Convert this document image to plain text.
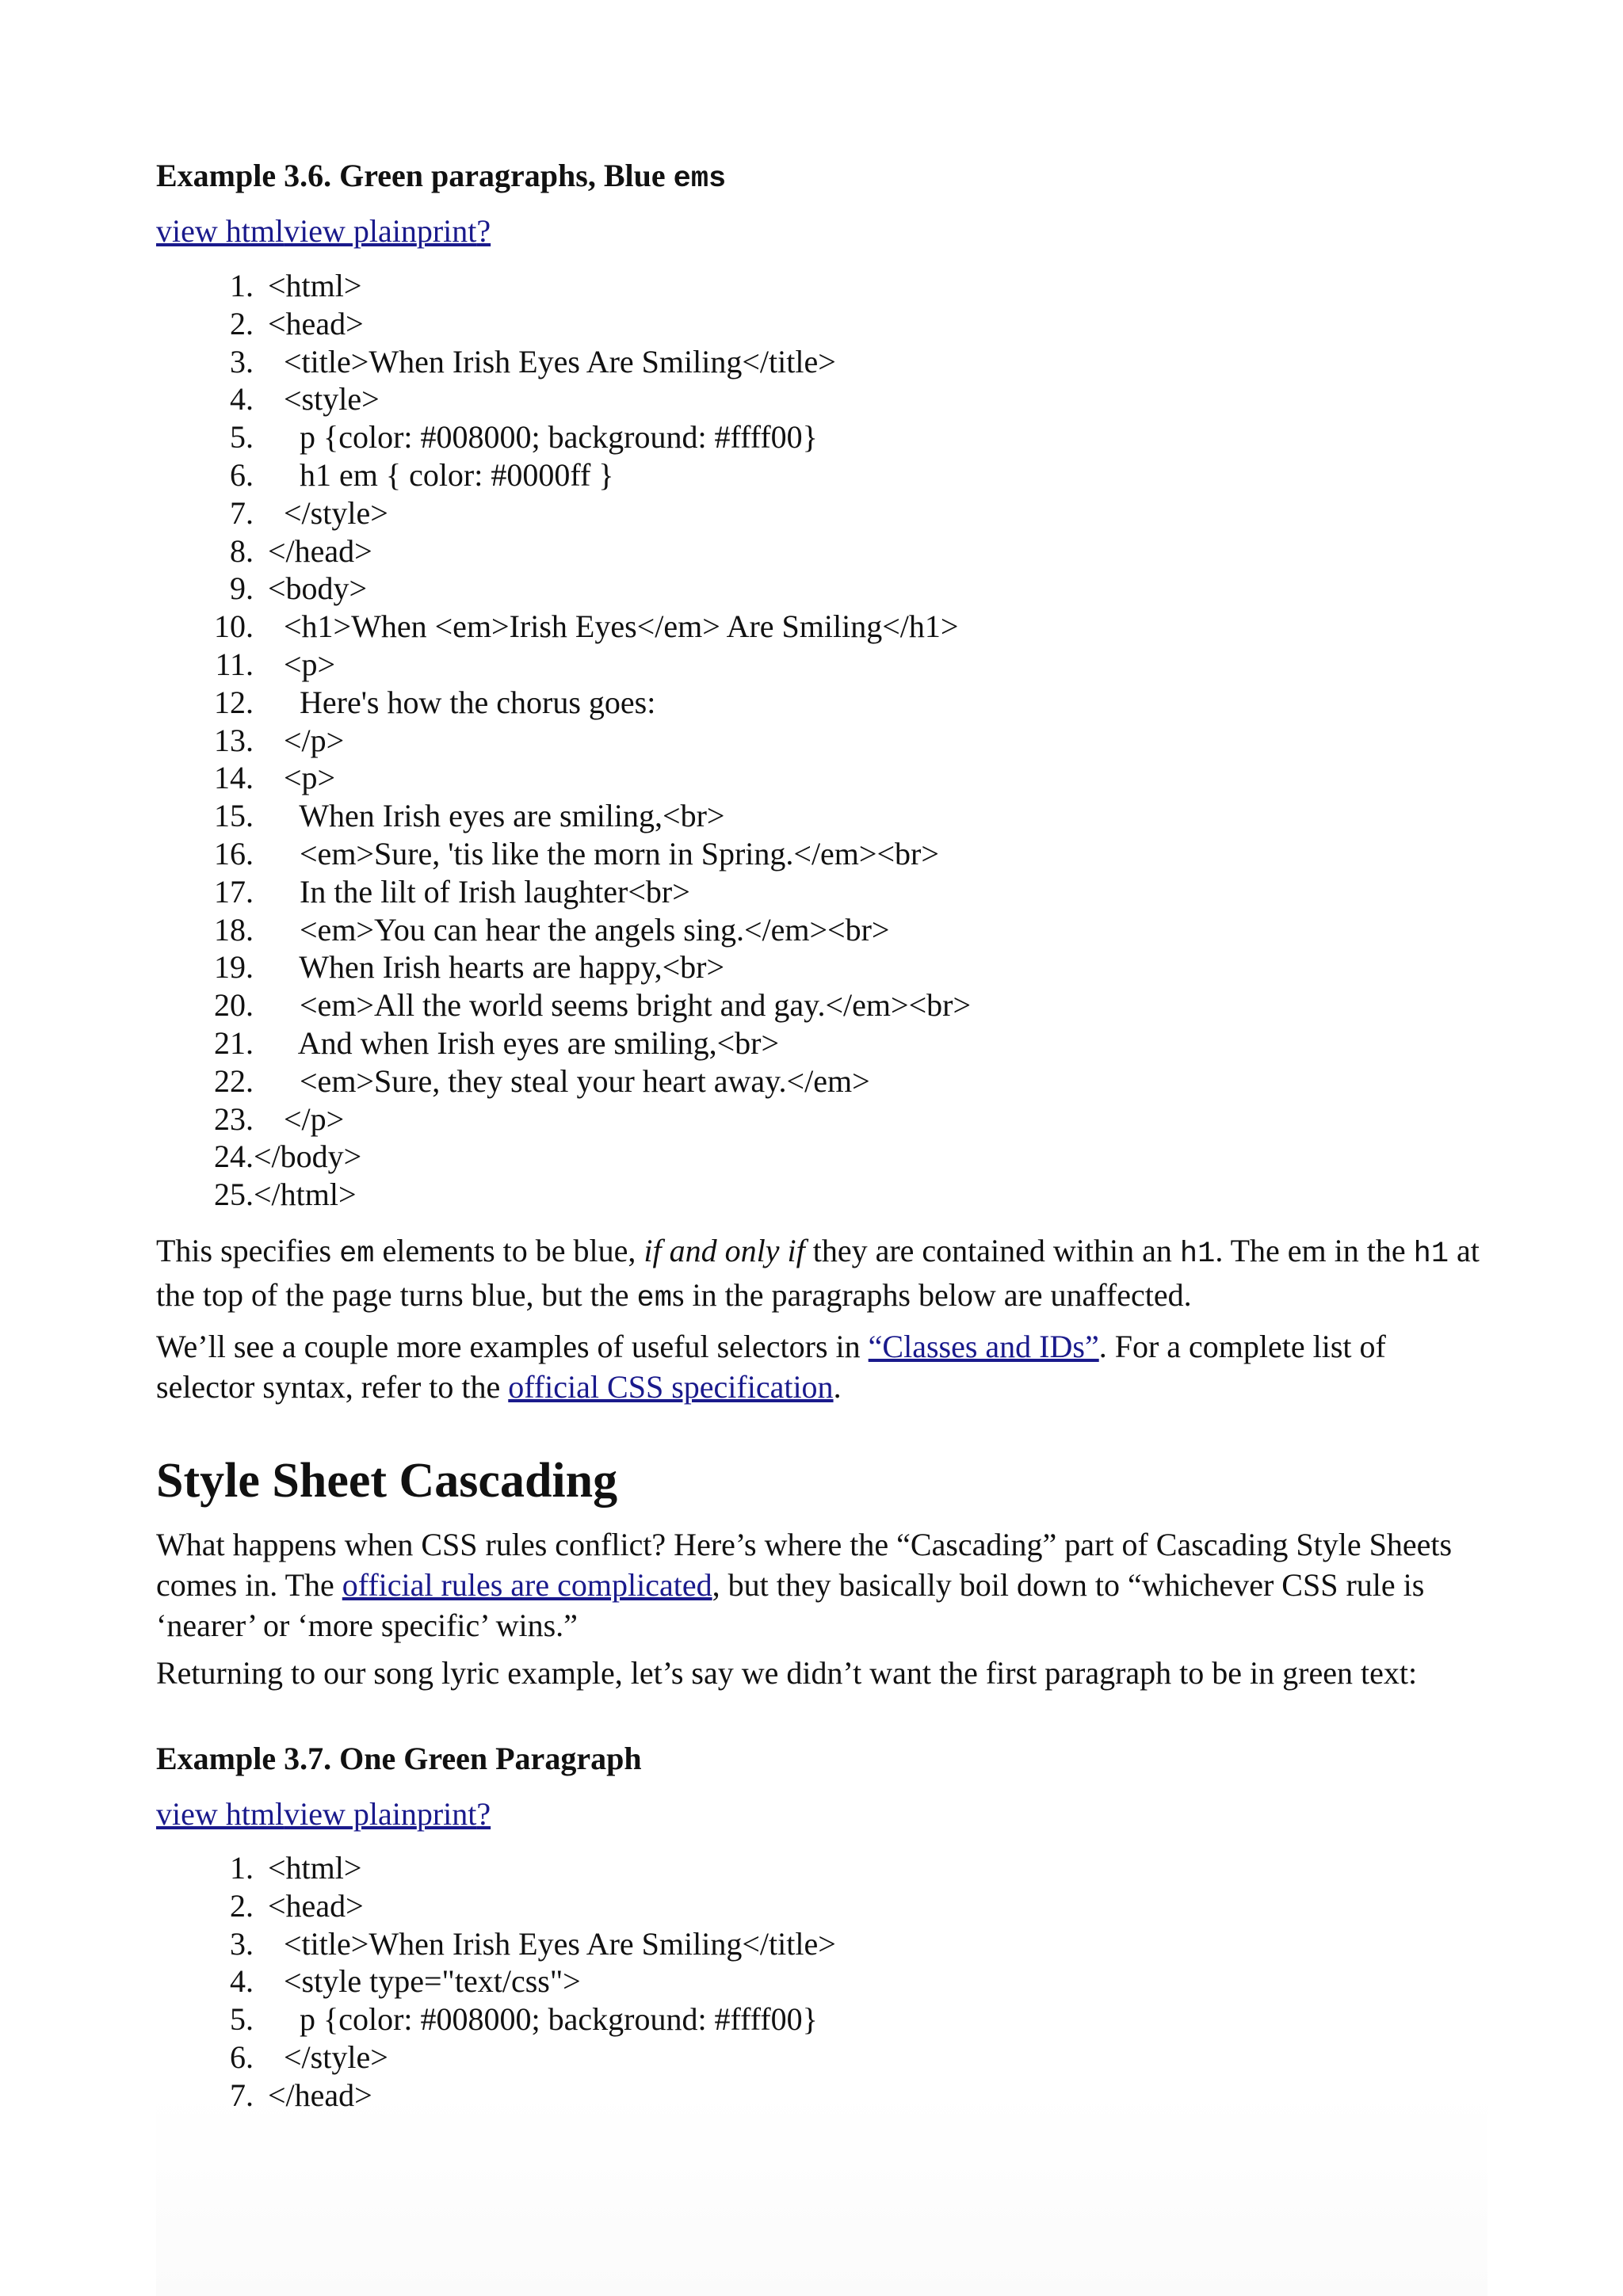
Example 3.6. Green paragraphs, Blue ems
view htmlview plainprint?
1. <html>
2. <head>
3.  <title>When Irish Eyes Are Smiling</title>
4.  <style>
5.    p {color: #008000; background: #ffff00}
6.    h1 em { color: #0000ff }
7.  </style>
8. </head>
9. <body>
10.  <h1>When <em>Irish Eyes</em> Are Smiling</h1>
11.  <p>
12.    Here's how the chorus goes:
13.  </p>
14.  <p>
15.    When Irish eyes are smiling,<br>
16.    <em>Sure, 'tis like the morn in Spring.</em><br>
17.    In the lilt of Irish laughter<br>
18.    <em>You can hear the angels sing.</em><br>
19.    When Irish hearts are happy,<br>
20.    <em>All the world seems bright and gay.</em><br>
21.    And when Irish eyes are smiling,<br>
22.    <em>Sure, they steal your heart away.</em>
23.  </p>
24.</body>
25.</html>
This specifies em elements to be blue, if and only if they are contained within an h1. The em in the h1 at the top of the page turns blue, but the ems in the paragraphs below are unaffected.
We’ll see a couple more examples of useful selectors in “Classes and IDs”. For a complete list of selector syntax, refer to the official CSS specification.
Style Sheet Cascading
What happens when CSS rules conflict? Here’s where the “Cascading” part of Cascading Style Sheets comes in. The official rules are complicated, but they basically boil down to “whichever CSS rule is ‘nearer’ or ‘more specific’ wins.”
Returning to our song lyric example, let’s say we didn’t want the first paragraph to be in green text:
Example 3.7. One Green Paragraph
view htmlview plainprint?
1. <html>
2. <head>
3.  <title>When Irish Eyes Are Smiling</title>
4.  <style type="text/css">
5.    p {color: #008000; background: #ffff00}
6.  </style>
7. </head>
